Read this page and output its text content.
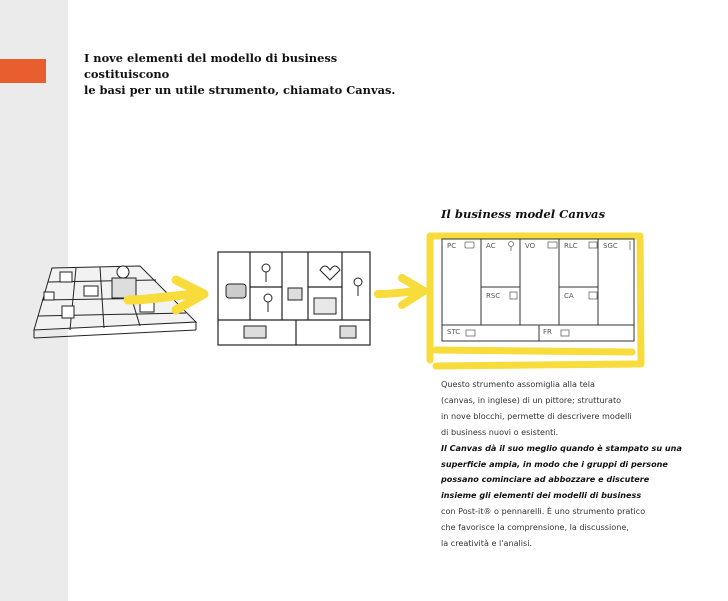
I nove elementi del modello di business costituiscono
le basi per un utile strumento, chiamato Canvas.
PC	AC	VO	RLC	SGC
RSC	CA
STC	FR
Il business model Canvas
Questo strumento assomiglia alla tela
(canvas, in inglese) di un pittore; strutturato
in nove blocchi, permette di descrivere modelli
di business nuovi o esistenti.
Il Canvas dà il suo meglio quando è stampato su una
superficie ampia, in modo che i gruppi di persone
possano cominciare ad abbozzare e discutere
insieme gli elementi dei modelli di business
con Post-it® o pennarelli. È uno strumento pratico
che favorisce la comprensione, la discussione,
la creatività e l'analisi.
